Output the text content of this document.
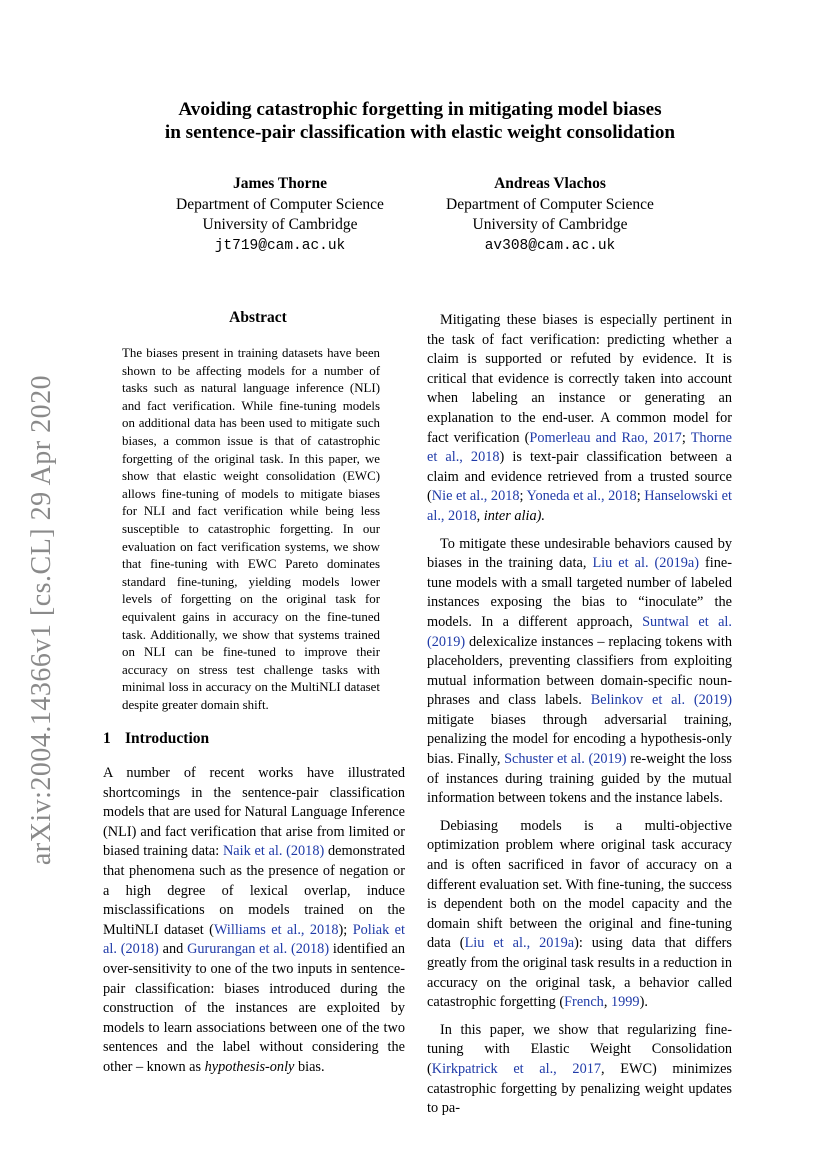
arXiv:2004.14366v1 [cs.CL] 29 Apr 2020
Avoiding catastrophic forgetting in mitigating model biases
in sentence-pair classification with elastic weight consolidation
James Thorne
Department of Computer Science
University of Cambridge
jt719@cam.ac.uk
Andreas Vlachos
Department of Computer Science
University of Cambridge
av308@cam.ac.uk
Abstract
The biases present in training datasets have been shown to be affecting models for a number of tasks such as natural language inference (NLI) and fact verification. While fine-tuning models on additional data has been used to mitigate such biases, a common issue is that of catastrophic forgetting of the original task. In this paper, we show that elastic weight consolidation (EWC) allows fine-tuning of models to mitigate biases for NLI and fact verification while being less susceptible to catastrophic forgetting. In our evaluation on fact verification systems, we show that fine-tuning with EWC Pareto dominates standard fine-tuning, yielding models lower levels of forgetting on the original task for equivalent gains in accuracy on the fine-tuned task. Additionally, we show that systems trained on NLI can be fine-tuned to improve their accuracy on stress test challenge tasks with minimal loss in accuracy on the MultiNLI dataset despite greater domain shift.
1 Introduction

A number of recent works have illustrated shortcomings in the sentence-pair classification models that are used for Natural Language Inference (NLI) and fact verification that arise from limited or biased training data: Naik et al. (2018) demonstrated that phenomena such as the presence of negation or a high degree of lexical overlap, induce misclassifications on models trained on the MultiNLI dataset (Williams et al., 2018); Poliak et al. (2018) and Gururangan et al. (2018) identified an over-sensitivity to one of the two inputs in sentence-pair classification: biases introduced during the construction of the instances are exploited by models to learn associations between one of the two sentences and the label without considering the other – known as hypothesis-only bias.

Mitigating these biases is especially pertinent in the task of fact verification: predicting whether a claim is supported or refuted by evidence. It is critical that evidence is correctly taken into account when labeling an instance or generating an explanation to the end-user. A common model for fact verification (Pomerleau and Rao, 2017; Thorne et al., 2018) is text-pair classification between a claim and evidence retrieved from a trusted source (Nie et al., 2018; Yoneda et al., 2018; Hanselowski et al., 2018, inter alia).

To mitigate these undesirable behaviors caused by biases in the training data, Liu et al. (2019a) fine-tune models with a small targeted number of labeled instances exposing the bias to “inoculate” the models. In a different approach, Suntwal et al. (2019) delexicalize instances – replacing tokens with placeholders, preventing classifiers from exploiting mutual information between domain-specific noun-phrases and class labels. Belinkov et al. (2019) mitigate biases through adversarial training, penalizing the model for encoding a hypothesis-only bias. Finally, Schuster et al. (2019) re-weight the loss of instances during training guided by the mutual information between tokens and the instance labels.

Debiasing models is a multi-objective optimization problem where original task accuracy and is often sacrificed in favor of accuracy on a different evaluation set. With fine-tuning, the success is dependent both on the model capacity and the domain shift between the original and fine-tuning data (Liu et al., 2019a): using data that differs greatly from the original task results in a reduction in accuracy on the original task, a behavior called catastrophic forgetting (French, 1999).

In this paper, we show that regularizing fine-tuning with Elastic Weight Consolidation (Kirkpatrick et al., 2017, EWC) minimizes catastrophic forgetting by penalizing weight updates to pa-
